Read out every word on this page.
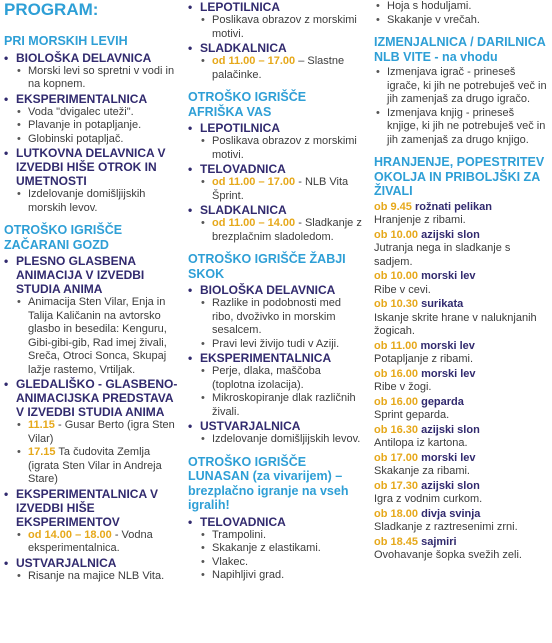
PROGRAM:
PRI MORSKIH LEVIH
• BIOLOŠKA DELAVNICA
• Morski levi so spretni v vodi in na kopnem.
• EKSPERIMENTALNICA
• Voda "dvigalec uteži".
• Plavanje in potapljanje.
• Globinski potapljač.
• LUTKOVNA DELAVNICA V IZVEDBI HIŠE OTROK IN UMETNOSTI
• Izdelovanje domišljijskih morskih levov.
OTROŠKO IGRIŠČE ZAČARANI GOZD
• PLESNO GLASBENA ANIMACIJA V IZVEDBI STUDIA ANIMA
• Animacija Sten Vilar, Enja in Talija Kaličanin na avtorsko glasbo in besedila: Kenguru, Gibi-gibi-gib, Rad imej živali, Sreča, Otroci Sonca, Skupaj lažje rastemo, Vrtiljak.
• GLEDALIŠKO - GLASBENO-ANIMACIJSKA PREDSTAVA V IZVEDBI STUDIA ANIMA
• 11.15 - Gusar Berto (igra Sten Vilar)
• 17.15 Ta čudovita Zemlja (igrata Sten Vilar in Andreja Stare)
• EKSPERIMENTALNICA V IZVEDBI HIŠE EKSPERIMENTOV
• od 14.00 – 18.00 - Vodna eksperimentalnica.
• USTVARJALNICA
• Risanje na majice NLB Vita.
• LEPOTILNICA
• Poslikava obrazov z morskimi motivi.
• SLADKALNICA
• od 11.00 – 17.00 – Slastne palačinke.
OTROŠKO IGRIŠČE AFRIŠKA VAS
• LEPOTILNICA
• Poslikava obrazov z morskimi motivi.
• TELOVADNICA
• od 11.00 – 17.00 - NLB Vita Šprint.
• SLADKALNICA
• od 11.00 – 14.00 - Sladkanje z brezplačnim sladoledom.
OTROŠKO IGRIŠČE ŽABJI SKOK
• BIOLOŠKA DELAVNICA
• Razlike in podobnosti med ribo, dvoživko in morskim sesalcem.
• Pravi levi živijo tudi v Aziji.
• EKSPERIMENTALNICA
• Perje, dlaka, maščoba (toplotna izolacija).
• Mikroskopiranje dlak različnih živali.
• USTVARJALNICA
• Izdelovanje domišljijskih levov.
OTROŠKO IGRIŠČE LUNASAN (za vivarijem) – brezplačno igranje na vseh igralih!
• TELOVADNICA
• Trampolini.
• Skakanje z elastikami.
• Vlakec.
• Napihljivi grad.
• Hoja s hoduljami.
• Skakanje v vrečah.
IZMENJALNICA / DARILNICA NLB VITE - na vhodu
• Izmenjava igrač - prineseš igrače, ki jih ne potrebuješ več in jih zamenjaš za drugo igračo.
• Izmenjava knjig - prineseš knjige, ki jih ne potrebuješ več in jih zamenjaš za drugo knjigo.
HRANJENJE, POPESTRITEV OKOLJA IN PRIBOLJŠKI ZA ŽIVALI
ob 9.45 rožnati pelikan
Hranjenje z ribami.
ob 10.00 azijski slon
Jutranja nega in sladkanje s sadjem.
ob 10.00 morski lev
Ribe v cevi.
ob 10.30 surikata
Iskanje skrite hrane v naluknjanih žogicah.
ob 11.00 morski lev
Potapljanje z ribami.
ob 16.00 morski lev
Ribe v žogi.
ob 16.00 geparda
Sprint geparda.
ob 16.30 azijski slon
Antilopa iz kartona.
ob 17.00 morski lev
Skakanje za ribami.
ob 17.30 azijski slon
Igra z vodnim curkom.
ob 18.00 divja svinja
Sladkanje z raztresenimi zrni.
ob 18.45 sajmiri
Ovohavanje šopka svežih zeli.
